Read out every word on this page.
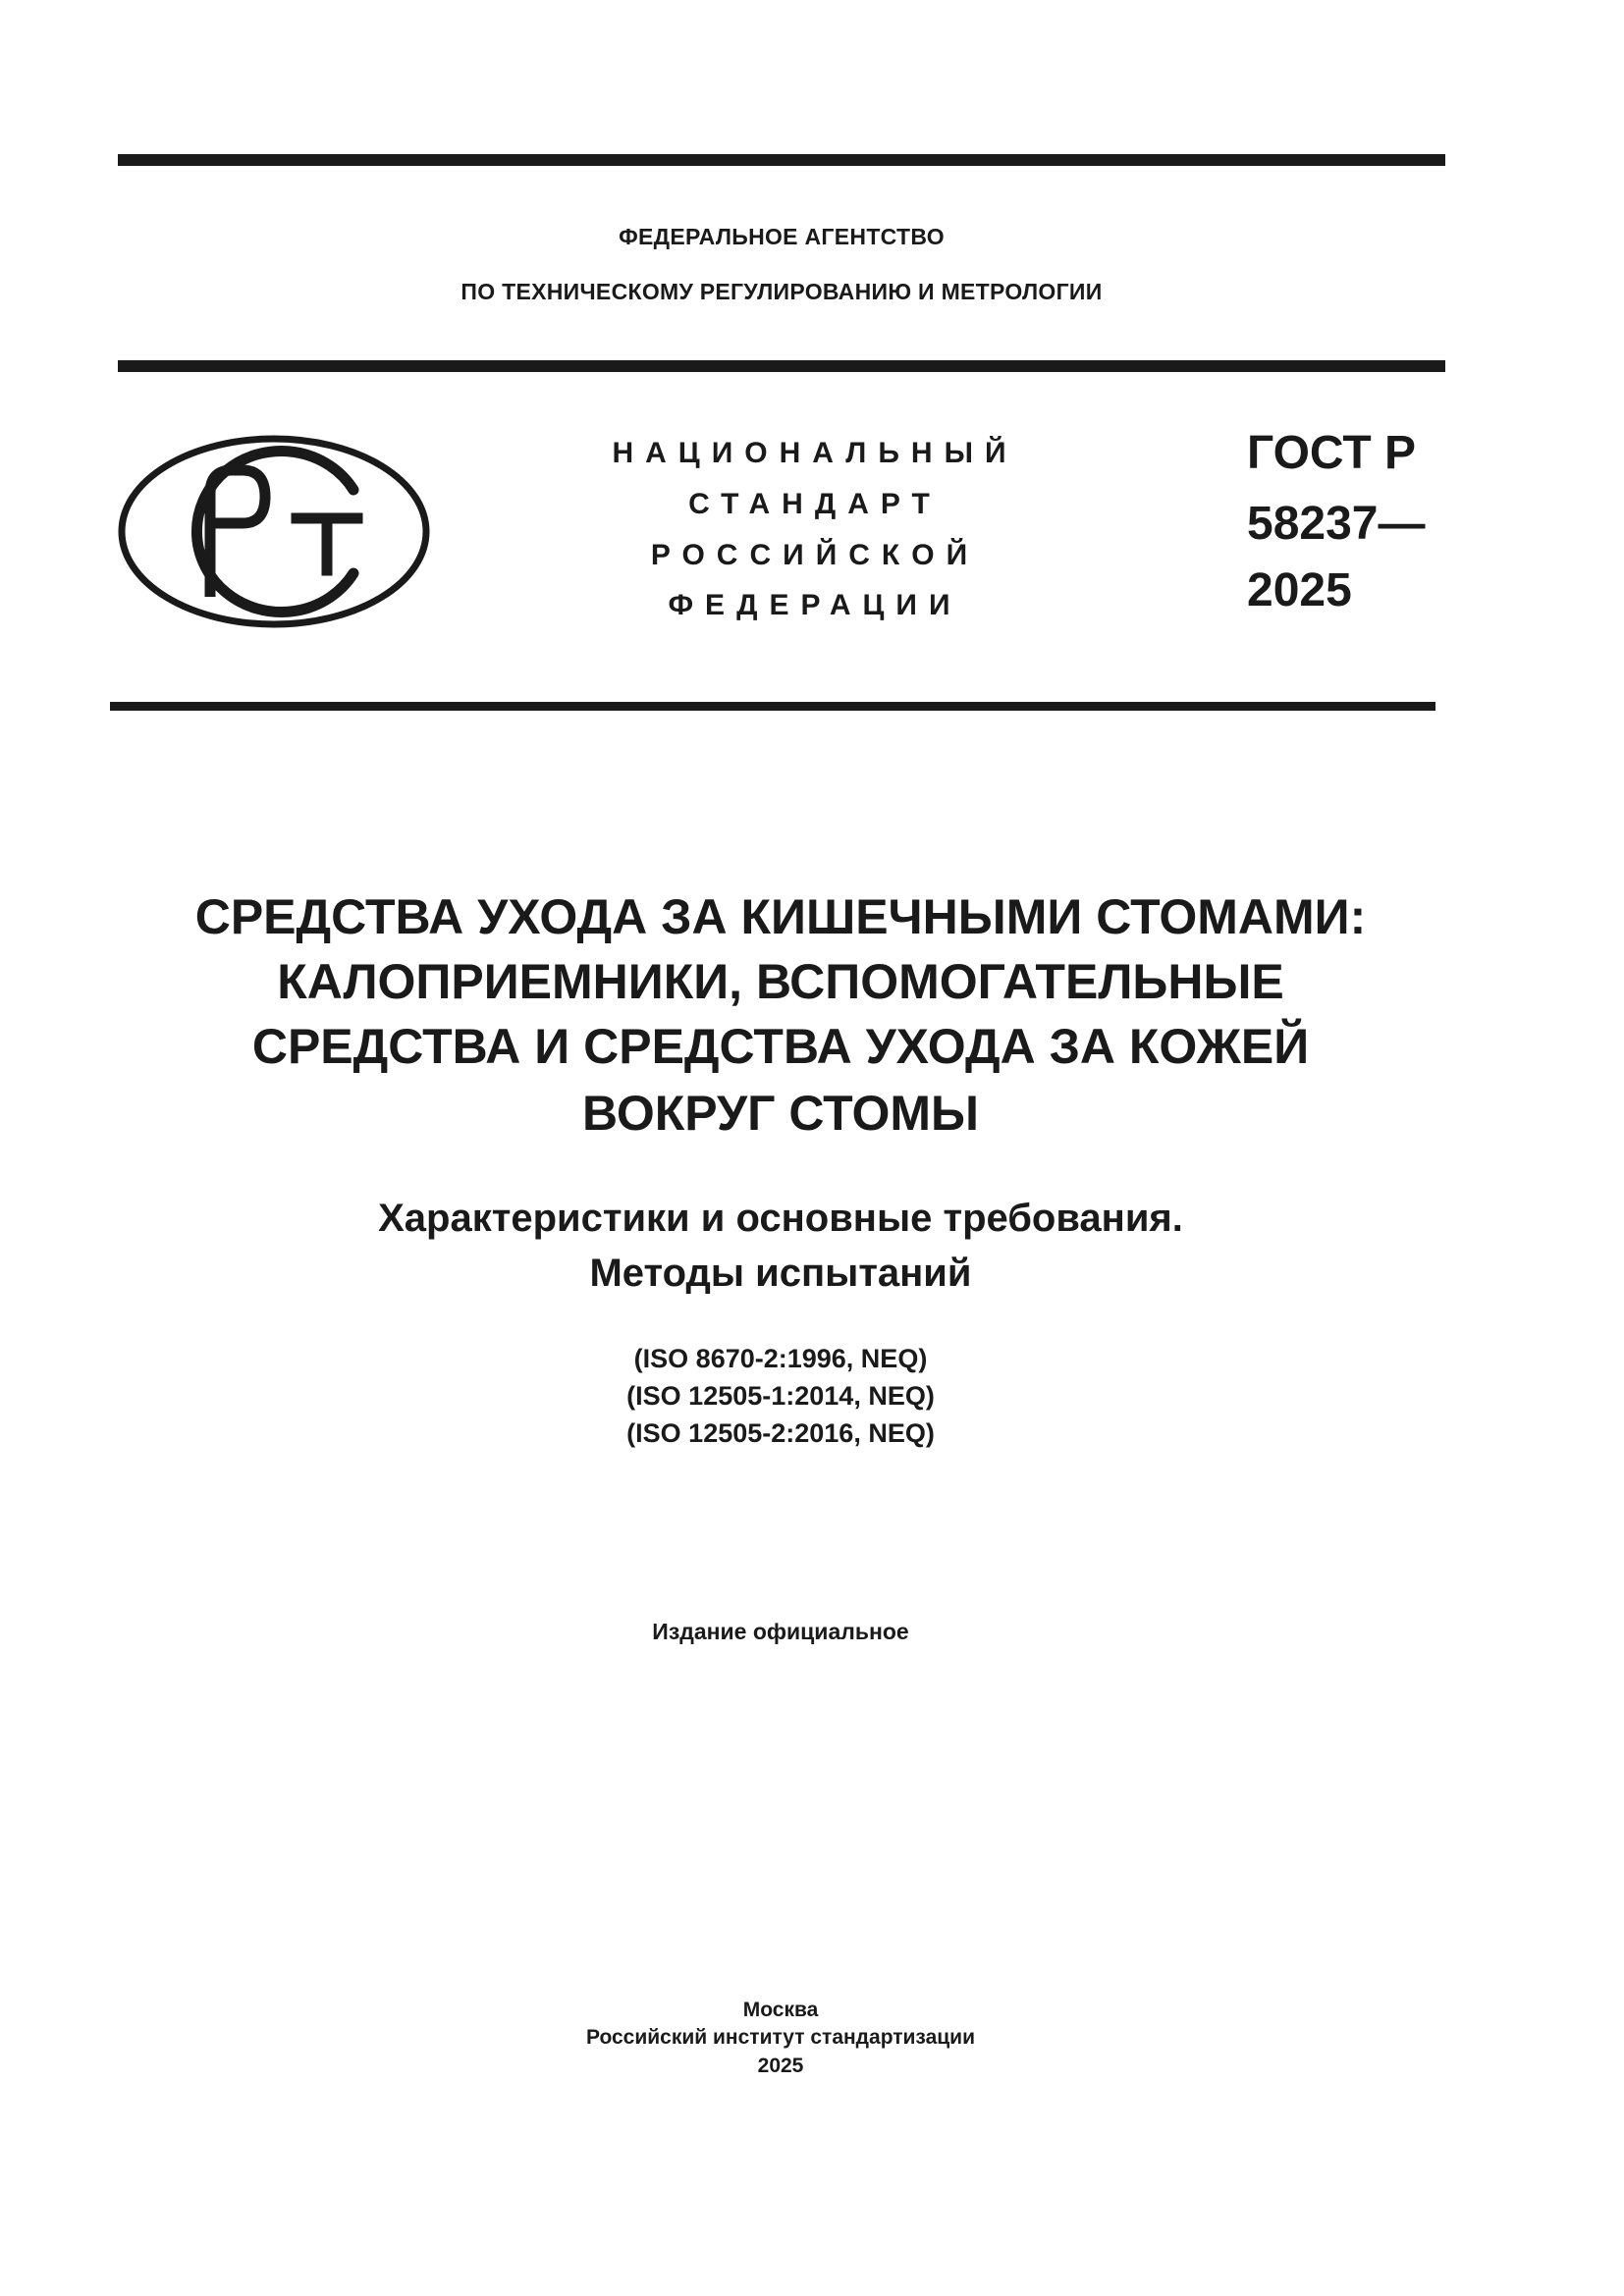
ФЕДЕРАЛЬНОЕ АГЕНТСТВО
ПО ТЕХНИЧЕСКОМУ РЕГУЛИРОВАНИЮ И МЕТРОЛОГИИ
НАЦИОНАЛЬНЫЙ
СТАНДАРТ
РОССИЙСКОЙ
ФЕДЕРАЦИИ
ГОСТ Р
58237—
2025
СРЕДСТВА УХОДА ЗА КИШЕЧНЫМИ СТОМАМИ:
КАЛОПРИЕМНИКИ, ВСПОМОГАТЕЛЬНЫЕ
СРЕДСТВА И СРЕДСТВА УХОДА ЗА КОЖЕЙ
ВОКРУГ СТОМЫ
Характеристики и основные требования.
Методы испытаний
(ISO 8670-2:1996, NEQ)
(ISO 12505-1:2014, NEQ)
(ISO 12505-2:2016, NEQ)
Издание официальное
Москва
Российский институт стандартизации
2025
